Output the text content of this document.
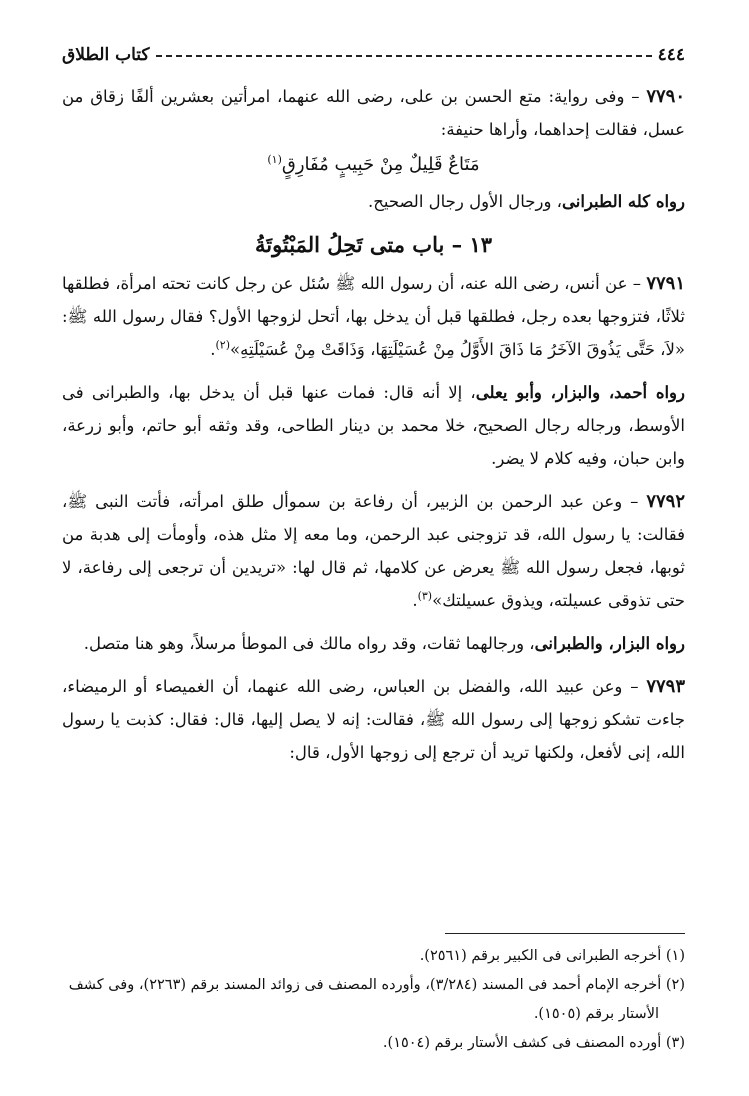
٤٤٤
كتاب الطلاق

٧٧٩٠ – وفى رواية: متع الحسن بن على، رضى الله عنهما، امرأتين بعشرين ألفًا زقاق من عسل، فقالت إحداهما، وأراها حنيفة:

مَتَاعٌ قَلِيلٌ مِنْ حَبِيبٍ مُفَارِقٍ$^{(١)}$

رواه كله الطبرانى، ورجال الأول رجال الصحيح.

١٣ – باب متى تَحِلُ المَبْتُوتَةُ

٧٧٩١ – عن أنس، رضى الله عنه، أن رسول الله ﷺ سُئل عن رجل كانت تحته امرأة، فطلقها ثلاثًا، فتزوجها بعده رجل، فطلقها قبل أن يدخل بها، أتحل لزوجها الأول؟ فقال رسول الله ﷺ: «لاَ، حَتَّى يَذُوقَ الآخَرُ مَا ذَاقَ الأَوَّلُ مِنْ عُسَيْلَتِهَا، وَذَاقَتْ مِنْ عُسَيْلَتِهِ»$^{(٢)}$.

رواه أحمد، والبزار، وأبو يعلى، إلا أنه قال: فمات عنها قبل أن يدخل بها، والطبرانى فى الأوسط، ورجاله رجال الصحيح، خلا محمد بن دينار الطاحى، وقد وثقه أبو حاتم، وأبو زرعة، وابن حبان، وفيه كلام لا يضر.

٧٧٩٢ – وعن عبد الرحمن بن الزبير، أن رفاعة بن سموأل طلق امرأته، فأتت النبى ﷺ، فقالت: يا رسول الله، قد تزوجنى عبد الرحمن، وما معه إلا مثل هذه، وأومأت إلى هدبة من ثوبها، فجعل رسول الله ﷺ يعرض عن كلامها، ثم قال لها: «تريدين أن ترجعى إلى رفاعة، لا حتى تذوقى عسيلته، ويذوق عسيلتك»$^{(٣)}$.

رواه البزار، والطبرانى، ورجالهما ثقات، وقد رواه مالك فى الموطأ مرسلاً، وهو هنا متصل.

٧٧٩٣ – وعن عبيد الله، والفضل بن العباس، رضى الله عنهما، أن الغميصاء أو الرميضاء، جاءت تشكو زوجها إلى رسول الله ﷺ، فقالت: إنه لا يصل إليها، قال: فقال: كذبت يا رسول الله، إنى لأفعل، ولكنها تريد أن ترجع إلى زوجها الأول، قال:

(١) أخرجه الطبرانى فى الكبير برقم (٢٥٦١).

(٢) أخرجه الإمام أحمد فى المسند (٣/٢٨٤)، وأورده المصنف فى زوائد المسند برقم (٢٢٦٣)، وفى كشف الأستار برقم (١٥٠٥).

(٣) أورده المصنف فى كشف الأستار برقم (١٥٠٤).
